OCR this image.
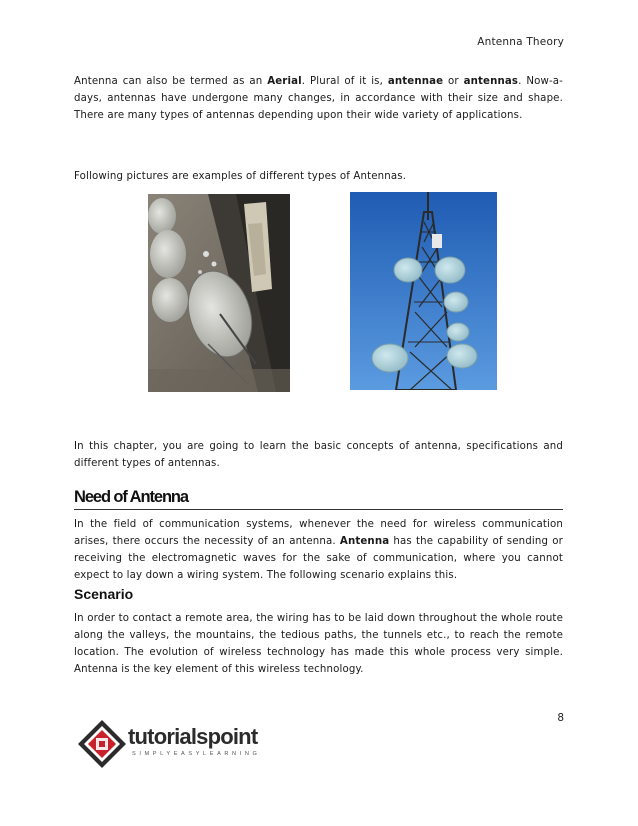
Antenna Theory

Antenna can also be termed as an Aerial. Plural of it is, antennae or antennas. Now-a-days, antennas have undergone many changes, in accordance with their size and shape. There are many types of antennas depending upon their wide variety of applications.

Following pictures are examples of different types of Antennas.

In this chapter, you are going to learn the basic concepts of antenna, specifications and different types of antennas.

Need of Antenna

In the field of communication systems, whenever the need for wireless communication arises, there occurs the necessity of an antenna. Antenna has the capability of sending or receiving the electromagnetic waves for the sake of communication, where you cannot expect to lay down a wiring system. The following scenario explains this.

Scenario

In order to contact a remote area, the wiring has to be laid down throughout the whole route along the valleys, the mountains, the tedious paths, the tunnels etc., to reach the remote location. The evolution of wireless technology has made this whole process very simple. Antenna is the key element of this wireless technology.

8
tutorialspoint
SIMPLYEASYLEARNING
